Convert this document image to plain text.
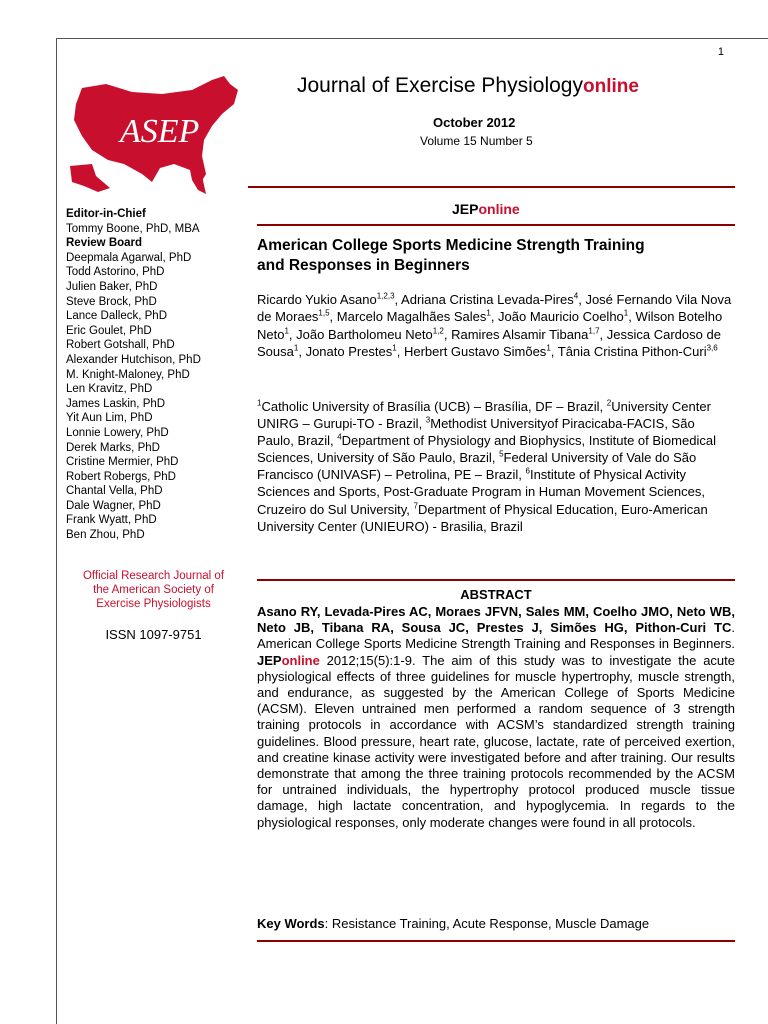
1
ASEP
Journal of Exercise Physiologyonline
October 2012
Volume 15 Number 5
JEPonline
Editor-in-Chief
Tommy Boone, PhD, MBA
Review Board
Deepmala Agarwal, PhD
Todd Astorino, PhD
Julien Baker, PhD
Steve Brock, PhD
Lance Dalleck, PhD
Eric Goulet, PhD
Robert Gotshall, PhD
Alexander Hutchison, PhD
M. Knight-Maloney, PhD
Len Kravitz, PhD
James Laskin, PhD
Yit Aun Lim, PhD
Lonnie Lowery, PhD
Derek Marks, PhD
Cristine Mermier, PhD
Robert Robergs, PhD
Chantal Vella, PhD
Dale Wagner, PhD
Frank Wyatt, PhD
Ben Zhou, PhD
Official Research Journal of
the American Society of
Exercise Physiologists
ISSN 1097-9751
American College Sports Medicine Strength Training
and Responses in Beginners
Ricardo Yukio Asano$^{1,2,3}$, Adriana Cristina Levada-Pires$^4$, José Fernando Vila Nova de Moraes$^{1,5}$, Marcelo Magalhães Sales$^1$, João Mauricio Coelho$^1$, Wilson Botelho Neto$^1$, João Bartholomeu Neto$^{1,2}$, Ramires Alsamir Tibana$^{1,7}$, Jessica Cardoso de Sousa$^1$, Jonato Prestes$^1$, Herbert Gustavo Simões$^1$, Tânia Cristina Pithon-Curi$^{3,6}$
$^1$Catholic University of Brasília (UCB) – Brasília, DF – Brazil, $^2$University Center UNIRG – Gurupi-TO - Brazil, $^3$Methodist Universityof Piracicaba-FACIS, São Paulo, Brazil, $^4$Department of Physiology and Biophysics, Institute of Biomedical Sciences, University of São Paulo, Brazil, $^5$Federal University of Vale do São Francisco (UNIVASF) – Petrolina, PE – Brazil, $^6$Institute of Physical Activity Sciences and Sports, Post-Graduate Program in Human Movement Sciences, Cruzeiro do Sul University, $^7$Department of Physical Education, Euro-American University Center (UNIEURO) - Brasilia, Brazil
ABSTRACT
Asano RY, Levada-Pires AC, Moraes JFVN, Sales MM, Coelho JMO, Neto WB, Neto JB, Tibana RA, Sousa JC, Prestes J, Simões HG, Pithon-Curi TC. American College Sports Medicine Strength Training and Responses in Beginners. JEPonline 2012;15(5):1-9. The aim of this study was to investigate the acute physiological effects of three guidelines for muscle hypertrophy, muscle strength, and endurance, as suggested by the American College of Sports Medicine (ACSM). Eleven untrained men performed a random sequence of 3 strength training protocols in accordance with ACSM’s standardized strength training guidelines. Blood pressure, heart rate, glucose, lactate, rate of perceived exertion, and creatine kinase activity were investigated before and after training. Our results demonstrate that among the three training protocols recommended by the ACSM for untrained individuals, the hypertrophy protocol produced muscle tissue damage, high lactate concentration, and hypoglycemia. In regards to the physiological responses, only moderate changes were found in all protocols.
Key Words: Resistance Training, Acute Response, Muscle Damage
